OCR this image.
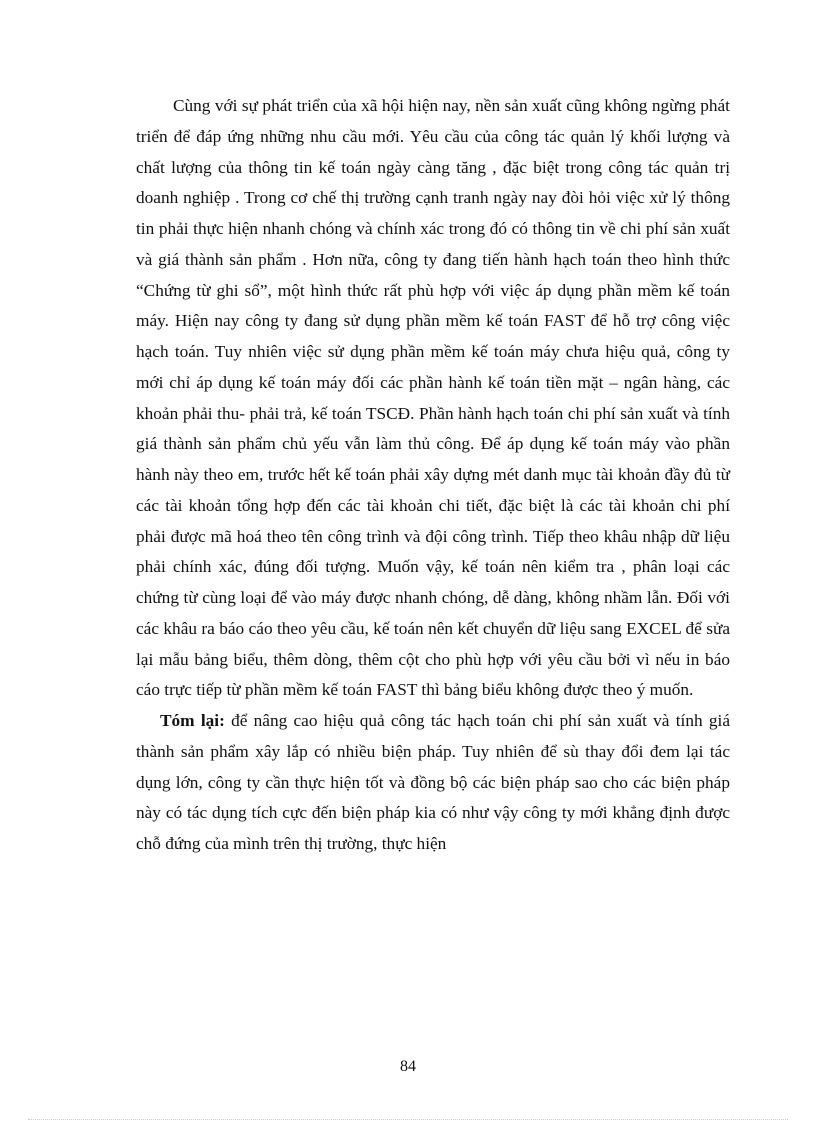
Cùng với sự phát triển của xã hội hiện nay, nền sản xuất cũng không ngừng phát triển để đáp ứng những nhu cầu mới. Yêu cầu của công tác quản lý khối lượng và chất lượng của thông tin kế toán ngày càng tăng , đặc biệt trong công tác quản trị doanh nghiệp . Trong cơ chế thị trường cạnh tranh ngày nay đòi hỏi việc xử lý thông tin phải thực hiện nhanh chóng và chính xác trong đó có thông tin về chi phí sản xuất và giá thành sản phẩm . Hơn nữa, công ty đang tiến hành hạch toán theo hình thức “Chứng từ ghi sổ”, một hình thức rất phù hợp với việc áp dụng phần mềm kế toán máy. Hiện nay công ty đang sử dụng phần mềm kế toán FAST để hỗ trợ công việc hạch toán. Tuy nhiên việc sử dụng phần mềm kế toán máy chưa hiệu quả, công ty mới chỉ áp dụng kế toán máy đối các phần hành kế toán tiền mặt – ngân hàng, các khoản phải thu- phải trả, kế toán TSCĐ. Phần hành hạch toán chi phí sản xuất và tính giá thành sản phẩm chủ yếu vẫn làm thủ công. Để áp dụng kế toán máy vào phần hành này theo em, trước hết kế toán phải xây dựng mét danh mục tài khoản đầy đủ từ các tài khoản tổng hợp đến các tài khoản chi tiết, đặc biệt là các tài khoản chi phí phải được mã hoá theo tên công trình và đội công trình. Tiếp theo khâu nhập dữ liệu phải chính xác, đúng đối tượng. Muốn vậy, kế toán nên kiểm tra , phân loại các chứng từ cùng loại để vào máy được nhanh chóng, dễ dàng, không nhầm lẫn. Đối với các khâu ra báo cáo theo yêu cầu, kế toán nên kết chuyển dữ liệu sang EXCEL để sửa lại mẫu bảng biểu, thêm dòng, thêm cột cho phù hợp với yêu cầu bởi vì nếu in báo cáo trực tiếp từ phần mềm kế toán FAST thì bảng biểu không được theo ý muốn.

Tóm lại: để nâng cao hiệu quả công tác hạch toán chi phí sản xuất và tính giá thành sản phẩm xây lắp có nhiều biện pháp. Tuy nhiên để sù thay đổi đem lại tác dụng lớn, công ty cần thực hiện tốt và đồng bộ các biện pháp sao cho các biện pháp này có tác dụng tích cực đến biện pháp kia có như vậy công ty mới khẳng định được chỗ đứng của mình trên thị trường, thực hiện

84
